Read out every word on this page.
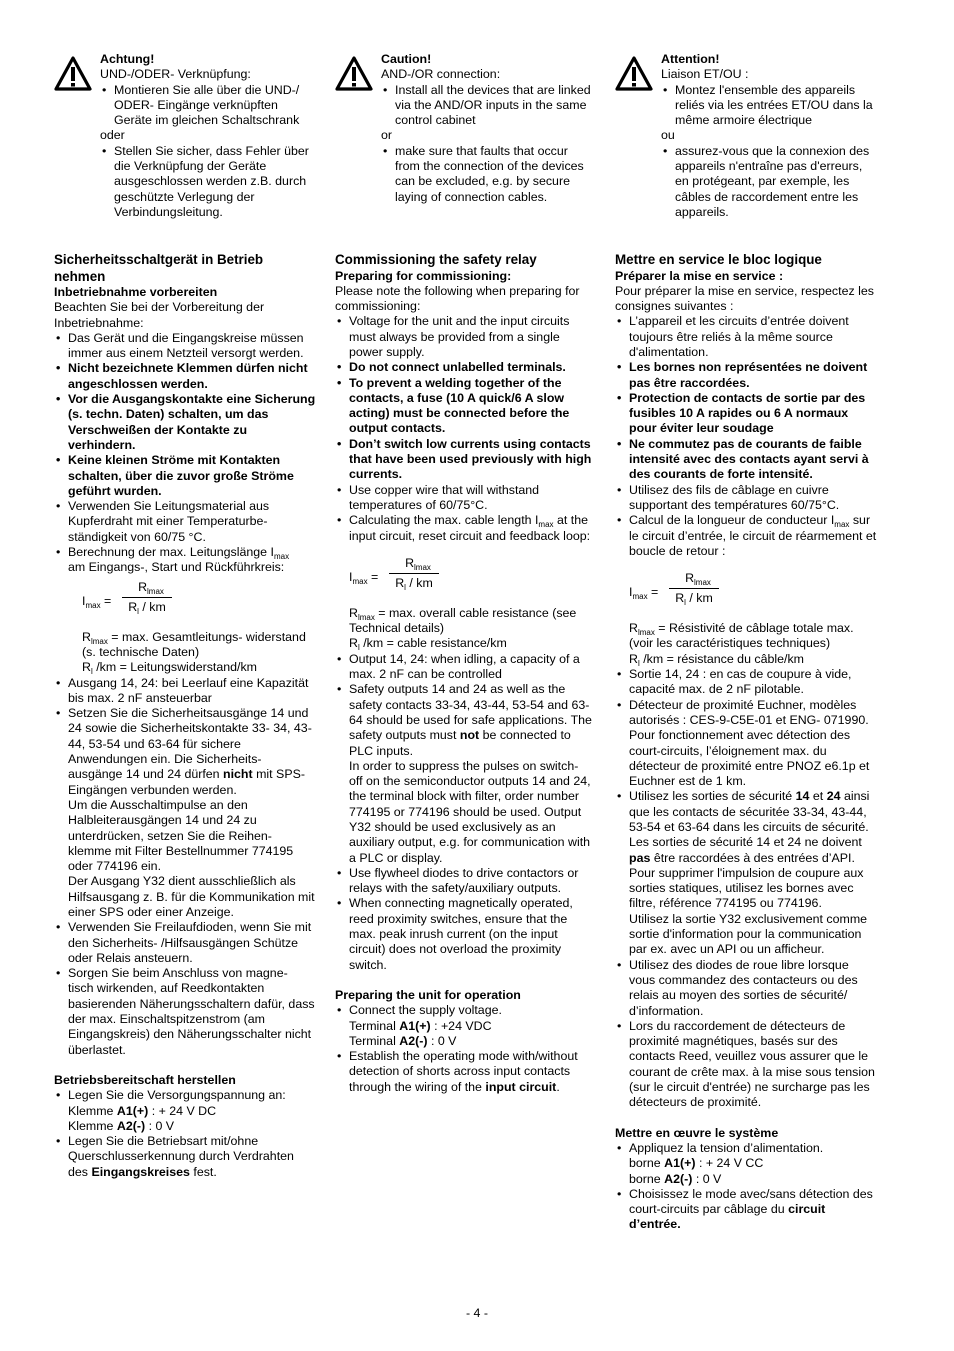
Achtung!

UND-/ODER- Verknüpfung:

• Montieren Sie alle über die UND-/ ODER- Eingänge verknüpften Geräte im gleichen Schaltschrank

oder

• Stellen Sie sicher, dass Fehler über die Verknüpfung der Geräte ausgeschlossen werden z.B. durch geschützte Verlegung der Verbindungsleitung.

Sicherheitsschaltgerät in Betrieb nehmen

Inbetriebnahme vorbereiten

Beachten Sie bei der Vorbereitung der Inbetriebnahme:

• Das Gerät und die Eingangskreise müssen immer aus einem Netzteil versorgt werden.
• Nicht bezeichnete Klemmen dürfen nicht angeschlossen werden.
• Vor die Ausgangskontakte eine Sicherung (s. techn. Daten) schalten, um das Verschweißen der Kontakte zu verhindern.
• Keine kleinen Ströme mit Kontakten schalten, über die zuvor große Ströme geführt wurden.
• Verwenden Sie Leitungsmaterial aus Kupferdraht mit einer Temperaturbe- ständigkeit von 60/75 °C.
• Berechnung der max. Leitungslänge $I_{max}$
am Eingangs-, Start und Rückführkreis:
$I_{max}$ =
$R_{lmax}$
$R_l$ / km

$R_{lmax} = \max$. Gesamtleitungs- widerstand (s. technische Daten)

$R_l$ /km = Leitungswiderstand/km

• Ausgang 14, 24: bei Leerlauf eine Kapazität bis max. 2 nF ansteuerbar
• Setzen Sie die Sicherheitsausgänge 14 und 24 sowie die Sicherheitskontakte 33- 34, 43-44, 53-54 und 63-64 für sichere Anwendungen ein. Die Sicherheits- ausgänge 14 und 24 dürfen nicht mit SPS-Eingängen verbunden werden.
Um die Ausschaltimpulse an den Halbleiterausgängen 14 und 24 zu unterdrücken, setzen Sie die Reihen- klemme mit Filter Bestellnummer 774195 oder 774196 ein.
Der Ausgang Y32 dient ausschließlich als Hilfsausgang z. B. für die Kommunikation mit einer SPS oder einer Anzeige.
• Verwenden Sie Freilaufdioden, wenn Sie mit den Sicherheits- /Hilfsausgängen Schütze oder Relais ansteuern.
• Sorgen Sie beim Anschluss von magne- tisch wirkenden, auf Reedkontakten basierenden Näherungsschaltern dafür, dass der max. Einschaltspitzenstrom (am Eingangskreis) den Näherungsschalter nicht überlastet.

Betriebsbereitschaft herstellen

• Legen Sie die Versorgungspannung an:
Klemme A1(+) : + 24 V DC
Klemme A2(-) : 0 V
• Legen Sie die Betriebsart mit/ohne Querschlusserkennung durch Verdrahten des Eingangskreises fest.

Caution!

AND-/OR connection:

• Install all the devices that are linked via the AND/OR inputs in the same control cabinet

or

• make sure that faults that occur from the connection of the devices can be excluded, e.g. by secure laying of connection cables.

Commissioning the safety relay

Preparing for commissioning:

Please note the following when preparing for commissioning:

• Voltage for the unit and the input circuits must always be provided from a single power supply.
• Do not connect unlabelled terminals.
• To prevent a welding together of the contacts, a fuse (10 A quick/6 A slow acting) must be connected before the output contacts.
• Don’t switch low currents using contacts that have been used previously with high currents.
• Use copper wire that will withstand temperatures of 60/75°C.
• Calculating the max. cable length $I_{max}$ at the input circuit, reset circuit and feedback loop:
$I_{max}$ =
$R_{lmax}$
$R_l$ / km

$R_{lmax} = \max$. overall cable resistance (see Technical details)

$R_l$ /km = cable resistance/km

• Output 14, 24: when idling, a capacity of a max. 2 nF can be controlled
• Safety outputs 14 and 24 as well as the safety contacts 33-34, 43-44, 53-54 and 63-64 should be used for safe applications. The safety outputs must not be connected to PLC inputs.
In order to suppress the pulses on switch- off on the semiconductor outputs 14 and 24, the terminal block with filter, order number 774195 or 774196 should be used. Output Y32 should be used exclusively as an auxiliary output, e.g. for communication with a PLC or display.
• Use flywheel diodes to drive contactors or relays with the safety/auxiliary outputs.
• When connecting magnetically operated, reed proximity switches, ensure that the max. peak inrush current (on the input circuit) does not overload the proximity switch.

Preparing the unit for operation

• Connect the supply voltage.
Terminal A1(+) : +24 VDC
Terminal A2(-) : 0 V
• Establish the operating mode with/without detection of shorts across input contacts through the wiring of the input circuit.

Attention!

Liaison ET/OU :

• Montez l'ensemble des appareils reliés via les entrées ET/OU dans la même armoire électrique

ou

• assurez-vous que la connexion des appareils n'entraîne pas d'erreurs, en protégeant, par exemple, les câbles de raccordement entre les appareils.

Mettre en service le bloc logique

Préparer la mise en service :

Pour préparer la mise en service, respectez les consignes suivantes :

• L’appareil et les circuits d’entrée doivent toujours être reliés à la même source d'alimentation.
• Les bornes non représentées ne doivent pas être raccordées.
• Protection de contacts de sortie par des fusibles 10 A rapides ou 6 A normaux pour éviter leur soudage
• Ne commutez pas de courants de faible intensité avec des contacts ayant servi à des courants de forte intensité.
• Utilisez des fils de câblage en cuivre supportant des températures 60/75°C.
• Calcul de la longueur de conducteur $I_{max}$ sur le circuit d’entrée, le circuit de réarmement et boucle de retour :
$I_{max}$ =
$R_{lmax}$
$R_l$ / km

$R_{lmax}$ = Résistivité de câblage totale max. (voir les caractéristiques techniques)

$R_l$ /km = résistance du câble/km

• Sortie 14, 24 : en cas de coupure à vide, capacité max. de 2 nF pilotable.
• Détecteur de proximité Euchner, modèles autorisés : CES-9-C5E-01 et ENG- 071990. Pour fonctionnement avec détection des court-circuits, l’éloignement max. du détecteur de proximité entre PNOZ e6.1p et Euchner est de 1 km.
• Utilisez les sorties de sécurité 14 et 24 ainsi que les contacts de sécuritée 33-34, 43-44, 53-54 et 63-64 dans les circuits de sécurité. Les sorties de sécurité 14 et 24 ne doivent pas être raccordées à des entrées d’API.
Pour supprimer l'impulsion de coupure aux sorties statiques, utilisez les bornes avec filtre, référence 774195 ou 774196.
Utilisez la sortie Y32 exclusivement comme sortie d'information pour la communication par ex. avec un API ou un afficheur.
• Utilisez des diodes de roue libre lorsque vous commandez des contacteurs ou des relais au moyen des sorties de sécurité/ d’information.
• Lors du raccordement de détecteurs de proximité magnétiques, basés sur des contacts Reed, veuillez vous assurer que le courant de crête max. à la mise sous tension (sur le circuit d'entrée) ne surcharge pas les détecteurs de proximité.

Mettre en œuvre le système

• Appliquez la tension d’alimentation.
borne A1(+) : + 24 V CC
borne A2(-) : 0 V
• Choisissez le mode avec/sans détection des court-circuits par câblage du circuit d’entrée.
- 4 -
